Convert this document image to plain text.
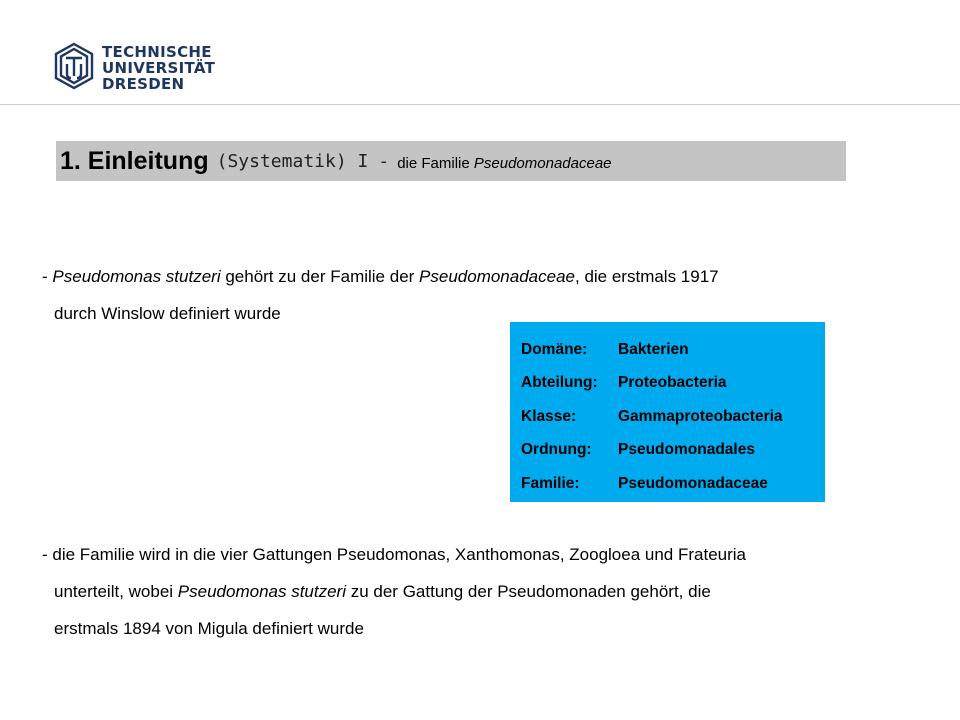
TECHNISCHE
UNIVERSITÄT
DRESDEN
1. Einleitung (Systematik) I - die Familie Pseudomonadaceae
- Pseudomonas stutzeri gehört zu der Familie der Pseudomonadaceae, die erstmals 1917
durch Winslow definiert wurde
Domäne:	Bakterien
Abteilung:	Proteobacteria
Klasse:	Gammaproteobacteria
Ordnung:	Pseudomonadales
Familie:	Pseudomonadaceae
- die Familie wird in die vier Gattungen Pseudomonas, Xanthomonas, Zoogloea und Frateuria
unterteilt, wobei Pseudomonas stutzeri zu der Gattung der Pseudomonaden gehört, die
erstmals 1894 von Migula definiert wurde
